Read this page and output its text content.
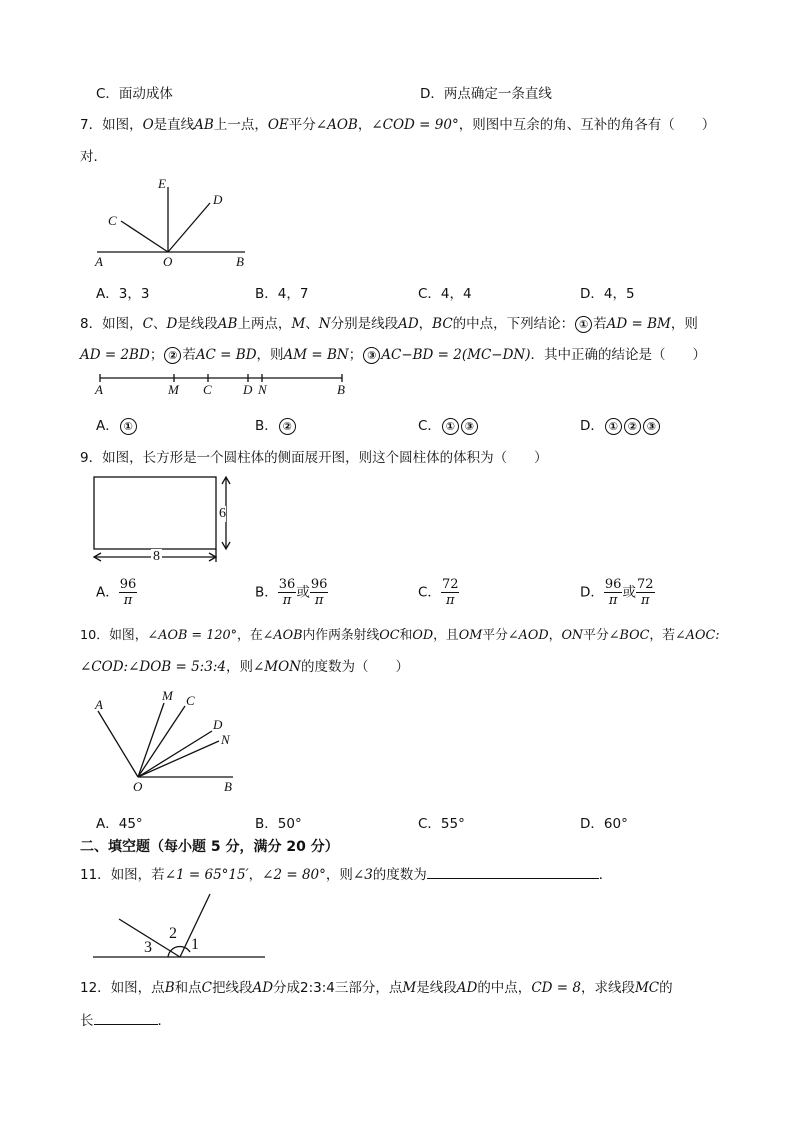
C．面动成体	D．两点确定一条直线
7．如图，O是直线AB上一点，OE平分∠AOB，∠COD = 90°，则图中互余的角、互补的角各有（　　）
对．
E
D
C
A	O	B
A．3，3	B．4，7	C．4，4	D．4，5
8．如图，C、D是线段AB上两点，M、N分别是线段AD，BC的中点，下列结论： ① 若AD = BM，则
AD = 2BD； ② 若AC = BD，则AM = BN； ③ AC−BD = 2(MC−DN)．其中正确的结论是（　　）
A	M C D N	B
A． ①	B． ②	C． ① ③	D． ① ② ③
9．如图，长方形是一个圆柱体的侧面展开图，则这个圆柱体的体积为（　　）
6
8
A． $\frac{96}{\pi}$	B． $\frac{36}{\pi}$ 或 $\frac{96}{\pi}$	C． $\frac{72}{\pi}$	D． $\frac{96}{\pi}$ 或 $\frac{72}{\pi}$
10．如图，∠AOB = 120°，在∠AOB内作两条射线OC和OD，且OM平分∠AOD，ON平分∠BOC，若∠AOC:
∠COD:∠DOB = 5:3:4，则∠MON的度数为（　　）
A
M C
D
N
O	B
A．45°	B．50°	C．55°	D．60°
二、填空题（每小题 5 分，满分 20 分）
11．如图，若∠1 = 65°15′，∠2 = 80°，则∠3的度数为	．
3
2
1
12．如图，点B和点C把线段AD分成2:3:4三部分，点M是线段AD的中点，CD = 8，求线段MC的
长	．
